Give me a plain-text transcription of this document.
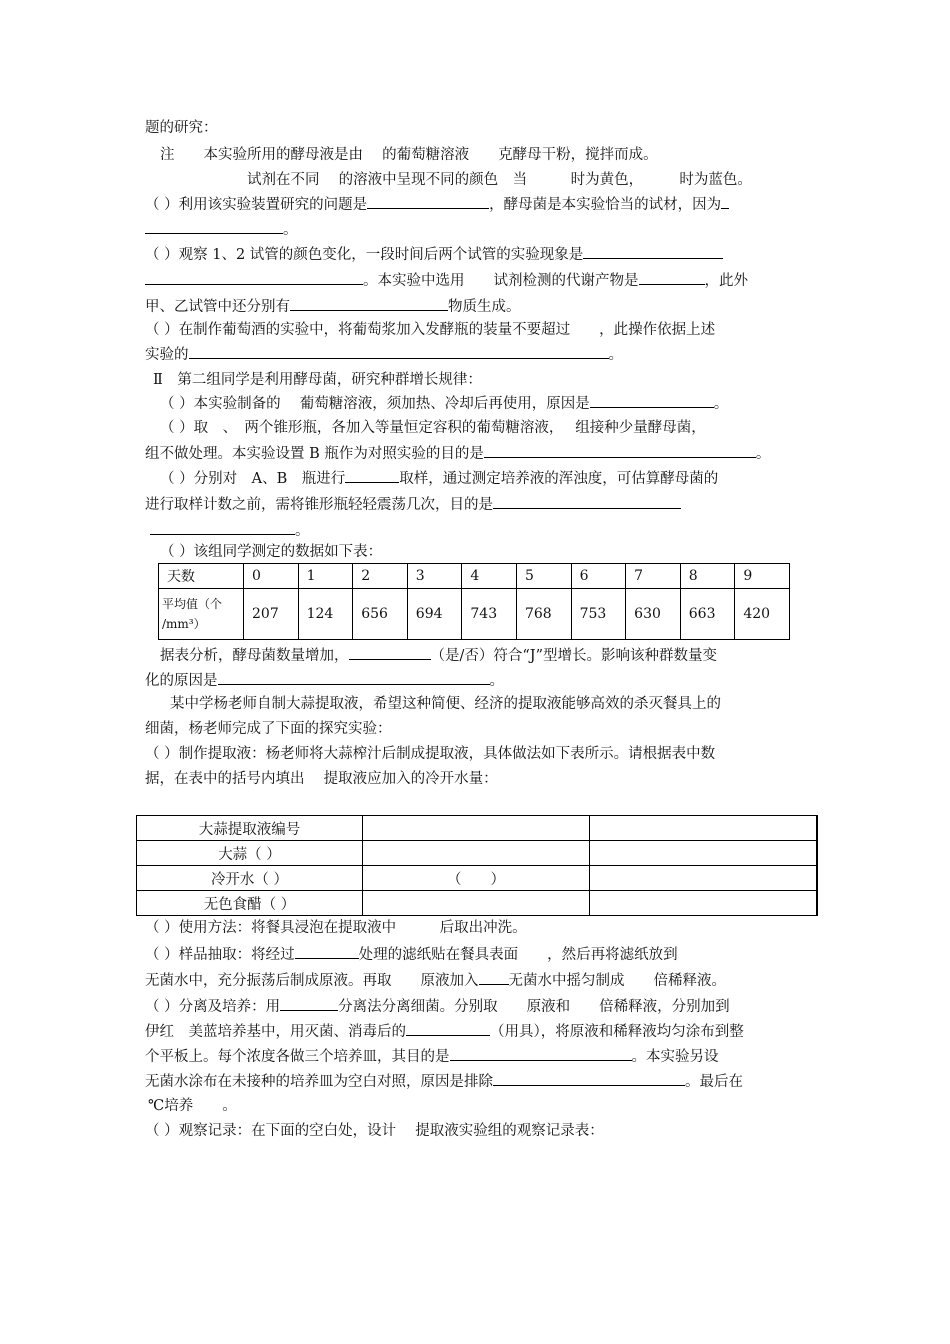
题的研究：
注　　本实验所用的酵母液是由　 的葡萄糖溶液　　克酵母干粉，搅拌而成。
试剂在不同　 的溶液中呈现不同的颜色　当　　　时为黄色，　　　时为蓝色。
（ ）利用该实验装置研究的问题是	，酵母菌是本实验恰当的试材，因为
。
（ ）观察 1、2 试管的颜色变化，一段时间后两个试管的实验现象是
。本实验中选用　　试剂检测的代谢产物是	，此外
甲、乙试管中还分别有	物质生成。
（ ）在制作葡萄酒的实验中，将葡萄浆加入发酵瓶的装量不要超过　　，此操作依据上述
实验的	。
Ⅱ　第二组同学是利用酵母菌，研究种群增长规律：
（ ）本实验制备的　 葡萄糖溶液，须加热、冷却后再使用，原因是	。
（ ）取　、　两个锥形瓶，各加入等量恒定容积的葡萄糖溶液，　 组接种少量酵母菌，
组不做处理。本实验设置 B 瓶作为对照实验的目的是	。
（ ）分别对　A、B　瓶进行	取样，通过测定培养液的浑浊度，可估算酵母菌的
进行取样计数之前，需将锥形瓶轻轻震荡几次，目的是
。
（ ）该组同学测定的数据如下表：
天数	0	1	2	3	4	5	6	7	8	9
平均值（个
/mm³）	207	124	656	694	743	768	753	630	663	420
据表分析，酵母菌数量增加，	（是/否）符合“J”型增长。影响该种群数量变
化的原因是	。
某中学杨老师自制大蒜提取液，希望这种简便、经济的提取液能够高效的杀灭餐具上的
细菌，杨老师完成了下面的探究实验：
（ ）制作提取液：杨老师将大蒜榨汁后制成提取液，具体做法如下表所示。请根据表中数
据，在表中的括号内填出　 提取液应加入的冷开水量：
大蒜提取液编号		
大蒜（ ）		
冷开水（ ）	（　　）	
无色食醋（ ）		
（ ）使用方法：将餐具浸泡在提取液中　　　后取出冲洗。
（ ）样品抽取：将经过	处理的滤纸贴在餐具表面　　，然后再将滤纸放到
无菌水中，充分振荡后制成原液。再取　　原液加入 无菌水中摇匀制成　　倍稀释液。
（ ）分离及培养：用	分离法分离细菌。分别取　　原液和　　倍稀释液，分别加到
伊红　美蓝培养基中，用灭菌、消毒后的	（用具），将原液和稀释液均匀涂布到整
个平板上。每个浓度各做三个培养皿，其目的是	。本实验另设
无菌水涂布在未接种的培养皿为空白对照，原因是排除	。最后在
℃培养　　。
（ ）观察记录：在下面的空白处，设计　 提取液实验组的观察记录表：
